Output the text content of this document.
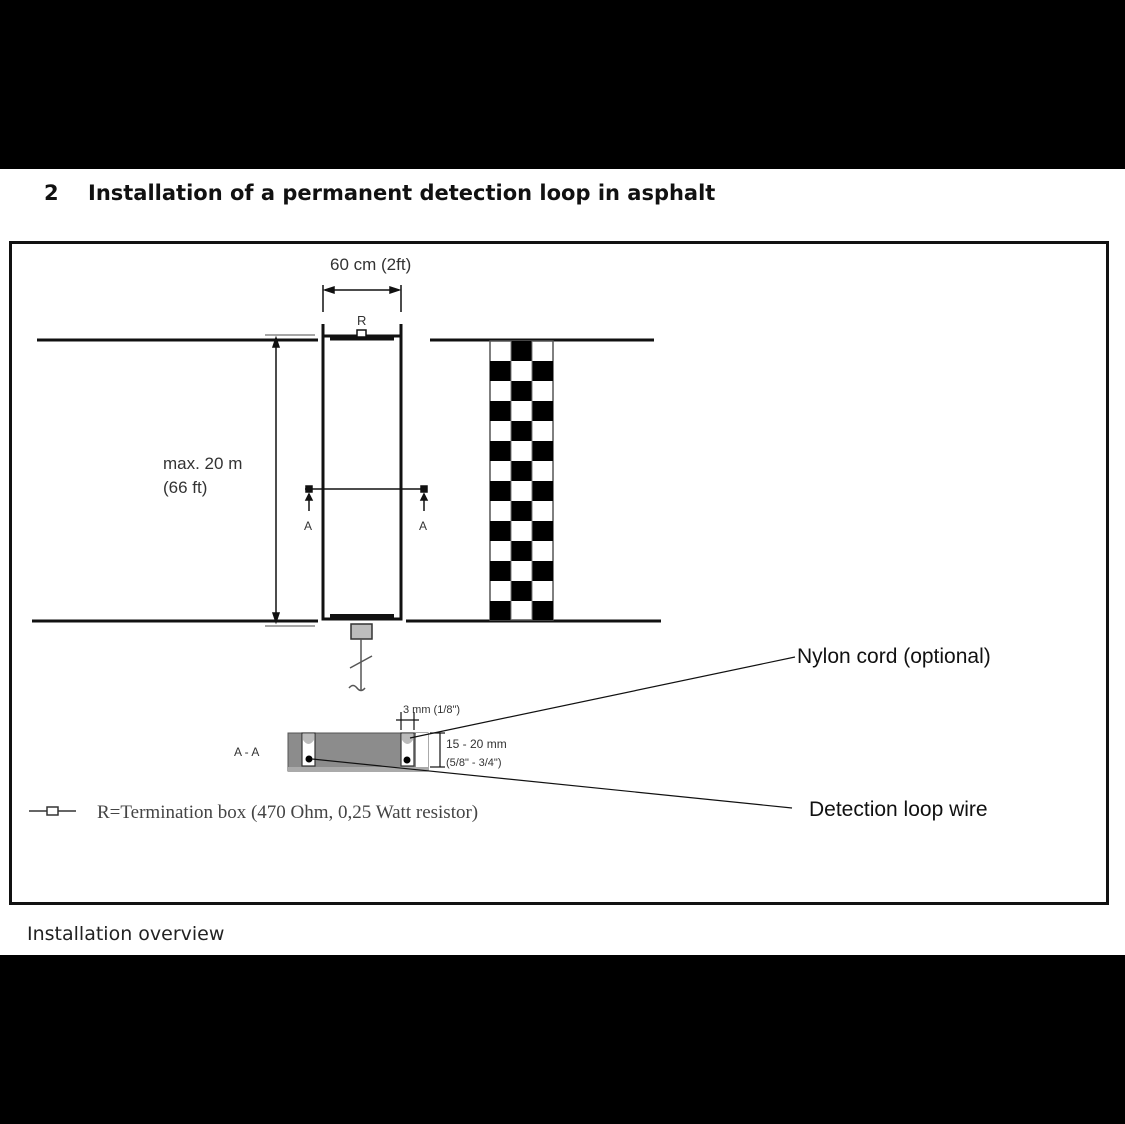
2 Installation of a permanent detection loop in asphalt
60 cm (2ft)
R
max. 20 m
(66 ft)
A	A
3 mm (1/8")
15 - 20 mm
(5/8" - 3/4")
A - A
Nylon cord (optional)
Detection loop wire
R=Termination box (470 Ohm, 0,25 Watt resistor)
Installation overview
